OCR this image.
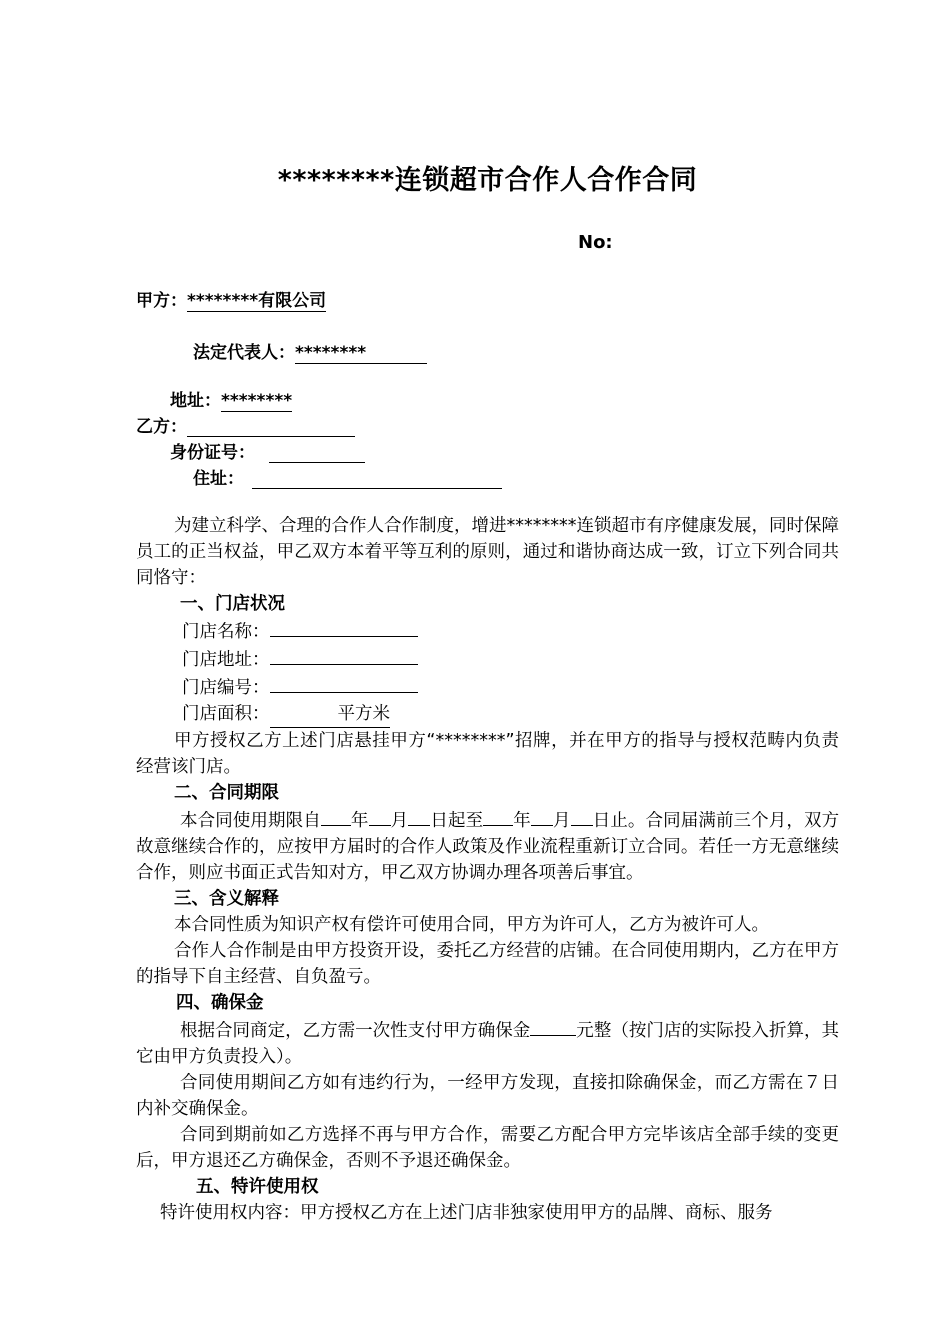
********连锁超市合作人合作合同
No:
甲方：********有限公司
法定代表人：********
地址：********
乙方：
身份证号：
住址：

为建立科学、合理的合作人合作制度，增进********连锁超市有序健康发展，同时保障员工的正当权益，甲乙双方本着平等互利的原则，通过和谐协商达成一致，订立下列合同共同恪守：

一、门店状况

门店名称：

门店地址：

门店编号：

门店面积：	平方米

甲方授权乙方上述门店悬挂甲方“********”招牌，并在甲方的指导与授权范畴内负责经营该门店。

二、合同期限

本合同使用期限自 年 月 日起至 年 月 日止。合同届满前三个月，双方故意继续合作的，应按甲方届时的合作人政策及作业流程重新订立合同。若任一方无意继续合作，则应书面正式告知对方，甲乙双方协调办理各项善后事宜。

三、含义解释

本合同性质为知识产权有偿许可使用合同，甲方为许可人，乙方为被许可人。

合作人合作制是由甲方投资开设，委托乙方经营的店铺。在合同使用期内，乙方在甲方的指导下自主经营、自负盈亏。

四、确保金

根据合同商定，乙方需一次性支付甲方确保金	元整（按门店的实际投入折算，其它由甲方负责投入）。

合同使用期间乙方如有违约行为，一经甲方发现，直接扣除确保金，而乙方需在７日内补交确保金。

合同到期前如乙方选择不再与甲方合作，需要乙方配合甲方完毕该店全部手续的变更后，甲方退还乙方确保金，否则不予退还确保金。

五、特许使用权

特许使用权内容：甲方授权乙方在上述门店非独家使用甲方的品牌、商标、服务
